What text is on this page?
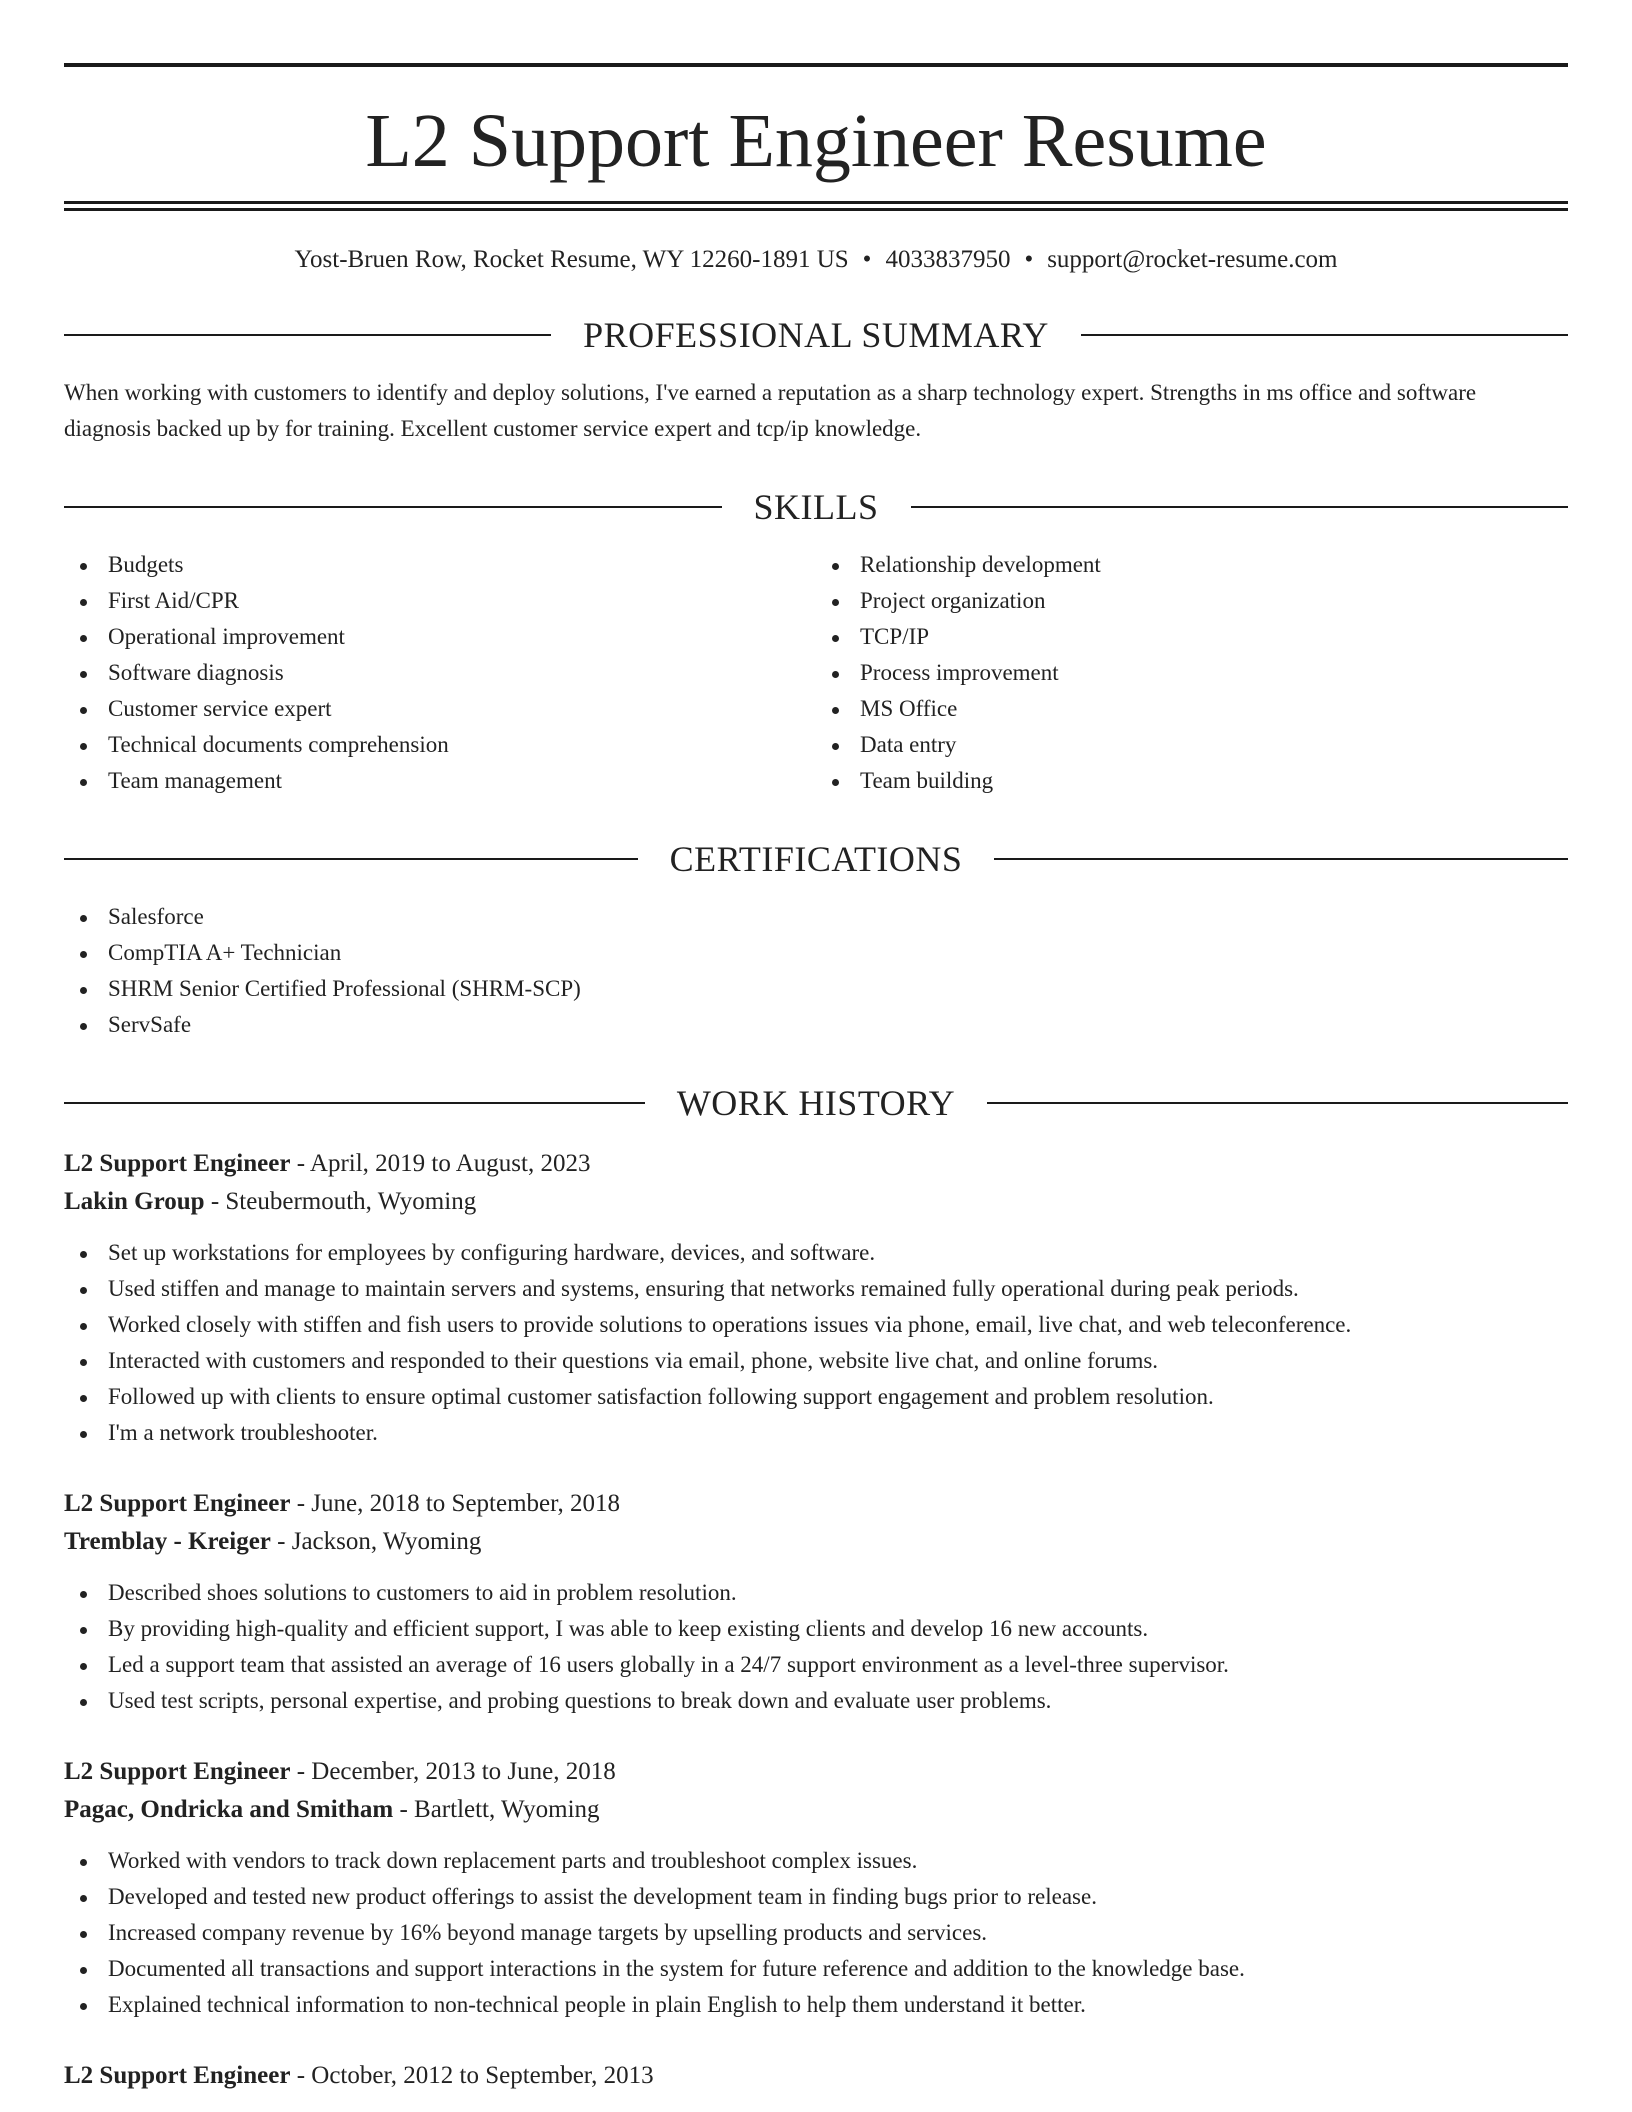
L2 Support Engineer Resume
Yost-Bruen Row, Rocket Resume, WY 12260-1891 US • 4033837950 • support@rocket-resume.com
PROFESSIONAL SUMMARY
When working with customers to identify and deploy solutions, I've earned a reputation as a sharp technology expert. Strengths in ms office and software diagnosis backed up by for training. Excellent customer service expert and tcp/ip knowledge.
SKILLS
Budgets
First Aid/CPR
Operational improvement
Software diagnosis
Customer service expert
Technical documents comprehension
Team management
Relationship development
Project organization
TCP/IP
Process improvement
MS Office
Data entry
Team building
CERTIFICATIONS
Salesforce
CompTIA A+ Technician
SHRM Senior Certified Professional (SHRM-SCP)
ServSafe
WORK HISTORY
L2 Support Engineer - April, 2019 to August, 2023
Lakin Group - Steubermouth, Wyoming
Set up workstations for employees by configuring hardware, devices, and software.
Used stiffen and manage to maintain servers and systems, ensuring that networks remained fully operational during peak periods.
Worked closely with stiffen and fish users to provide solutions to operations issues via phone, email, live chat, and web teleconference.
Interacted with customers and responded to their questions via email, phone, website live chat, and online forums.
Followed up with clients to ensure optimal customer satisfaction following support engagement and problem resolution.
I'm a network troubleshooter.
L2 Support Engineer - June, 2018 to September, 2018
Tremblay - Kreiger - Jackson, Wyoming
Described shoes solutions to customers to aid in problem resolution.
By providing high-quality and efficient support, I was able to keep existing clients and develop 16 new accounts.
Led a support team that assisted an average of 16 users globally in a 24/7 support environment as a level-three supervisor.
Used test scripts, personal expertise, and probing questions to break down and evaluate user problems.
L2 Support Engineer - December, 2013 to June, 2018
Pagac, Ondricka and Smitham - Bartlett, Wyoming
Worked with vendors to track down replacement parts and troubleshoot complex issues.
Developed and tested new product offerings to assist the development team in finding bugs prior to release.
Increased company revenue by 16% beyond manage targets by upselling products and services.
Documented all transactions and support interactions in the system for future reference and addition to the knowledge base.
Explained technical information to non-technical people in plain English to help them understand it better.
L2 Support Engineer - October, 2012 to September, 2013
